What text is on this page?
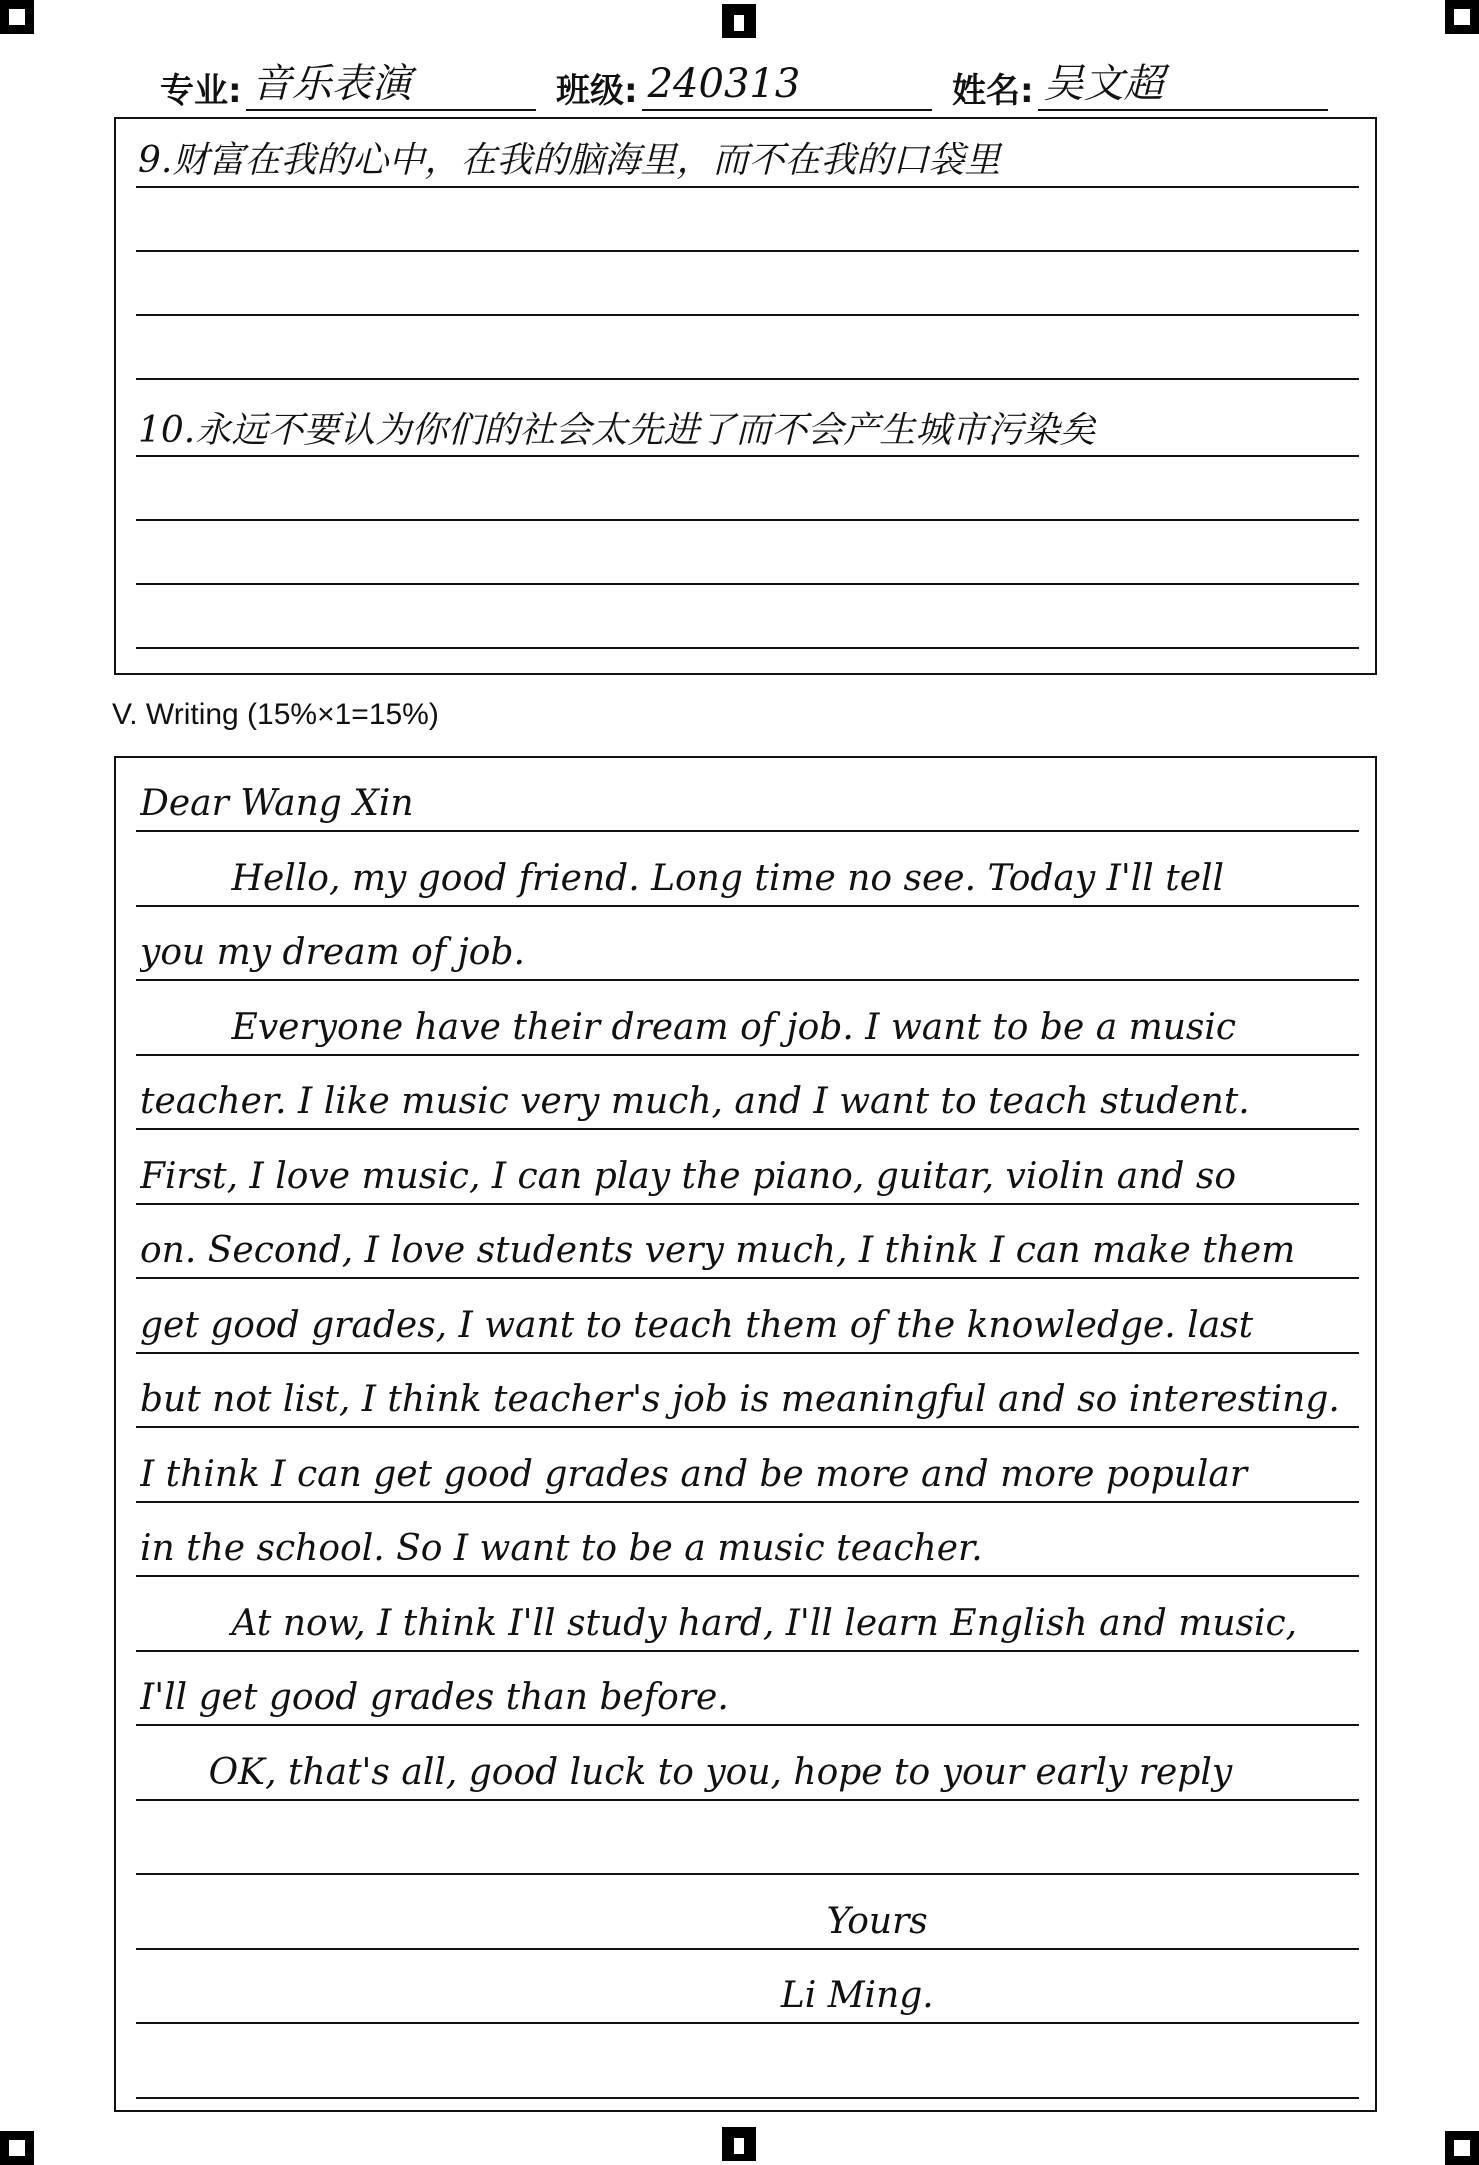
专业: 音乐表演	班级: 240313	姓名: 吴文超
9.财富在我的心中，在我的脑海里，而不在我的口袋里
10.永远不要认为你们的社会太先进了而不会产生城市污染矣
V. Writing (15%×1=15%)
Dear Wang Xin
Hello, my good friend. Long time no see. Today I'll tell
you my dream of job.
Everyone have their dream of job. I want to be a music
teacher. I like music very much, and I want to teach student.
First, I love music, I can play the piano, guitar, violin and so
on. Second, I love students very much, I think I can make them
get good grades, I want to teach them of the knowledge. last
but not list, I think teacher's job is meaningful and so interesting.
I think I can get good grades and be more and more popular
in the school. So I want to be a music teacher.
At now, I think I'll study hard, I'll learn English and music,
I'll get good grades than before.
OK, that's all, good luck to you, hope to your early reply
Yours
Li Ming.
